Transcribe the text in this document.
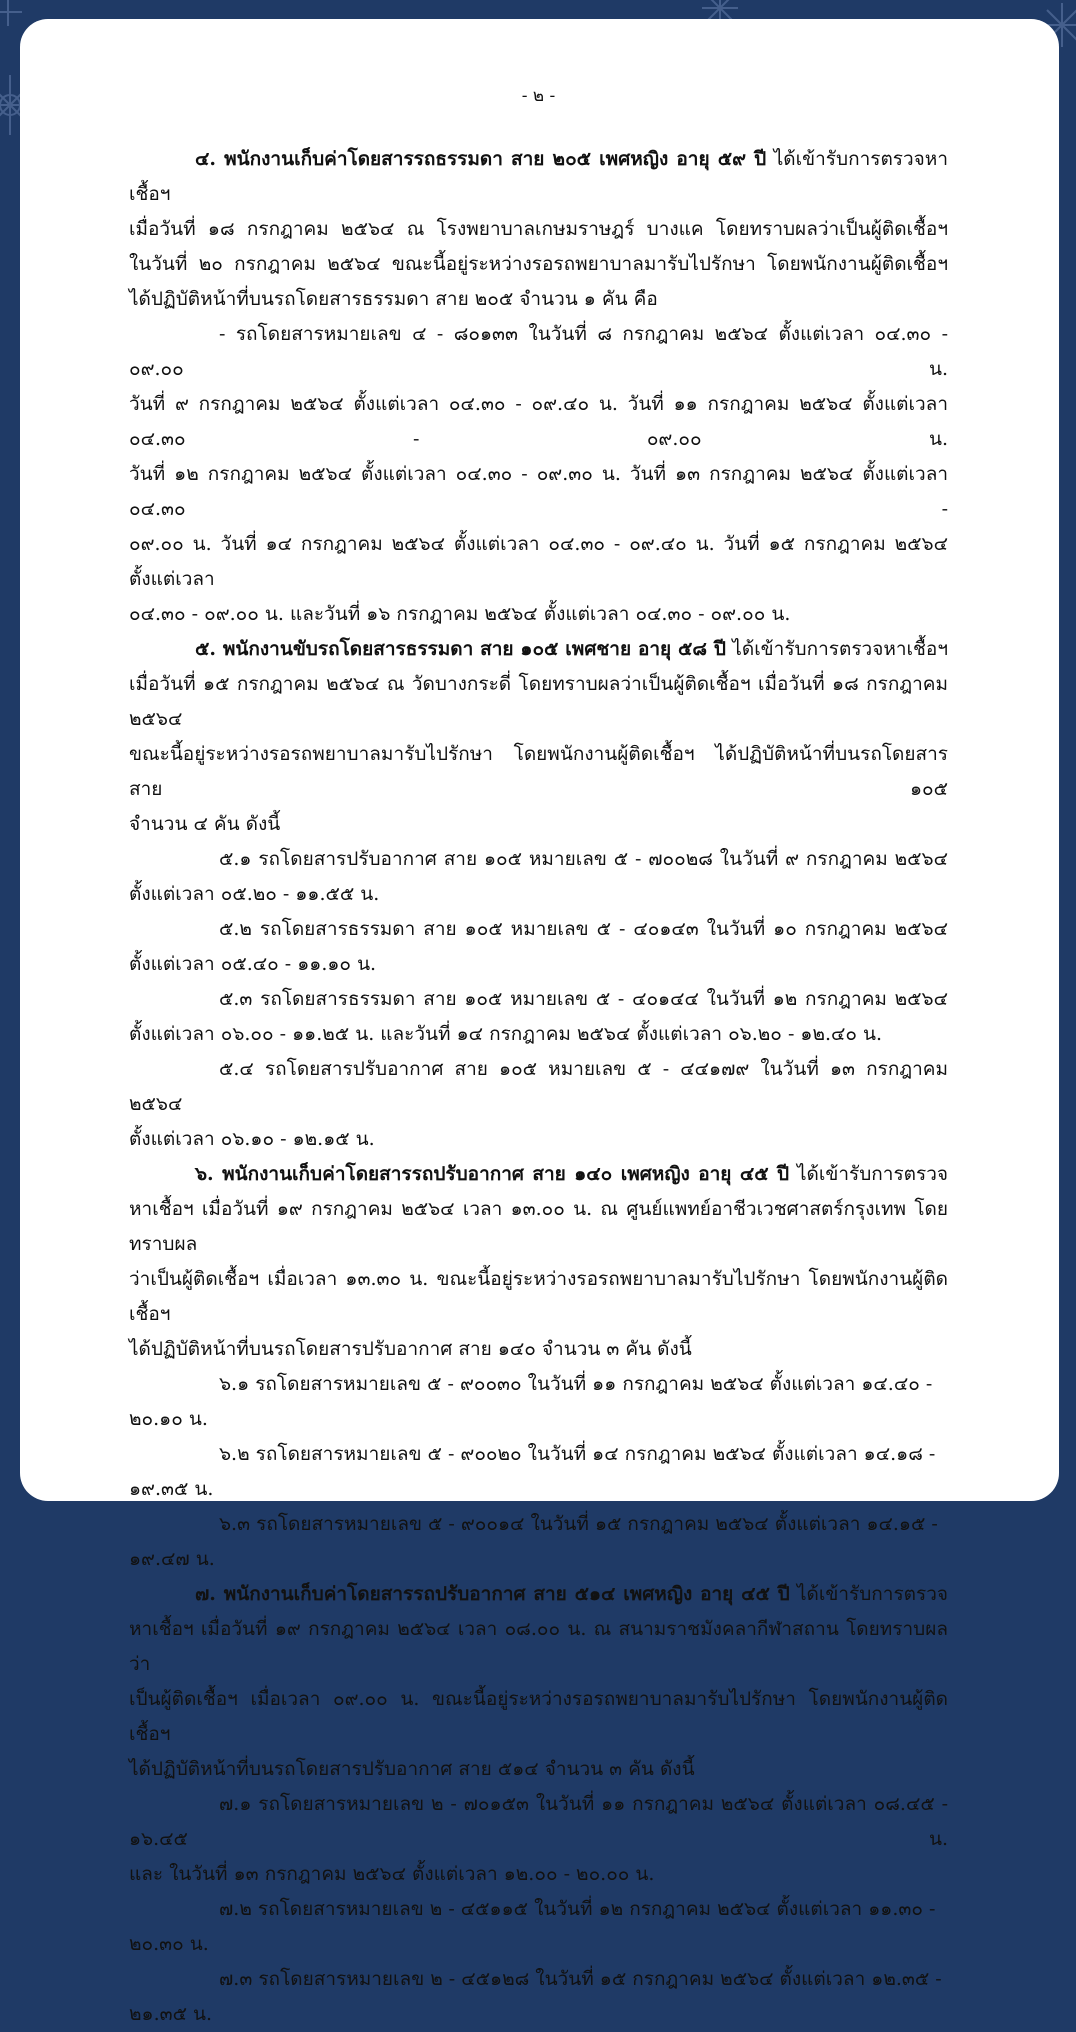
- ๒ -

๔. พนักงานเก็บค่าโดยสารรถธรรมดา สาย ๒๐๕ เพศหญิง อายุ ๕๙ ปี ได้เข้ารับการตรวจหาเชื้อฯ

เมื่อวันที่ ๑๘ กรกฎาคม ๒๕๖๔ ณ โรงพยาบาลเกษมราษฎร์ บางแค โดยทราบผลว่าเป็นผู้ติดเชื้อฯ

ในวันที่ ๒๐ กรกฎาคม ๒๕๖๔ ขณะนี้อยู่ระหว่างรอรถพยาบาลมารับไปรักษา โดยพนักงานผู้ติดเชื้อฯ

ได้ปฏิบัติหน้าที่บนรถโดยสารธรรมดา สาย ๒๐๕ จำนวน ๑ คัน คือ

- รถโดยสารหมายเลข ๔ - ๘๐๑๓๓ ในวันที่ ๘ กรกฎาคม ๒๕๖๔ ตั้งแต่เวลา ๐๔.๓๐ - ๐๙.๐๐ น.

วันที่ ๙ กรกฎาคม ๒๕๖๔ ตั้งแต่เวลา ๐๔.๓๐ - ๐๙.๔๐ น. วันที่ ๑๑ กรกฎาคม ๒๕๖๔ ตั้งแต่เวลา ๐๔.๓๐ - ๐๙.๐๐ น.

วันที่ ๑๒ กรกฎาคม ๒๕๖๔ ตั้งแต่เวลา ๐๔.๓๐ - ๐๙.๓๐ น. วันที่ ๑๓ กรกฎาคม ๒๕๖๔ ตั้งแต่เวลา ๐๔.๓๐ -

๐๙.๐๐ น. วันที่ ๑๔ กรกฎาคม ๒๕๖๔ ตั้งแต่เวลา ๐๔.๓๐ - ๐๙.๔๐ น. วันที่ ๑๕ กรกฎาคม ๒๕๖๔ ตั้งแต่เวลา

๐๔.๓๐ - ๐๙.๐๐ น. และวันที่ ๑๖ กรกฎาคม ๒๕๖๔ ตั้งแต่เวลา ๐๔.๓๐ - ๐๙.๐๐ น.

๕. พนักงานขับรถโดยสารธรรมดา สาย ๑๐๕ เพศชาย อายุ ๕๘ ปี ได้เข้ารับการตรวจหาเชื้อฯ

เมื่อวันที่ ๑๕ กรกฎาคม ๒๕๖๔ ณ วัดบางกระดี่ โดยทราบผลว่าเป็นผู้ติดเชื้อฯ เมื่อวันที่ ๑๘ กรกฎาคม ๒๕๖๔

ขณะนี้อยู่ระหว่างรอรถพยาบาลมารับไปรักษา โดยพนักงานผู้ติดเชื้อฯ ได้ปฏิบัติหน้าที่บนรถโดยสารสาย ๑๐๕

จำนวน ๔ คัน ดังนี้

๕.๑ รถโดยสารปรับอากาศ สาย ๑๐๕ หมายเลข ๕ - ๗๐๐๒๘ ในวันที่ ๙ กรกฎาคม ๒๕๖๔

ตั้งแต่เวลา ๐๕.๒๐ - ๑๑.๕๕ น.

๕.๒ รถโดยสารธรรมดา สาย ๑๐๕ หมายเลข ๕ - ๔๐๑๔๓ ในวันที่ ๑๐ กรกฎาคม ๒๕๖๔

ตั้งแต่เวลา ๐๕.๔๐ - ๑๑.๑๐ น.

๕.๓ รถโดยสารธรรมดา สาย ๑๐๕ หมายเลข ๕ - ๔๐๑๔๔ ในวันที่ ๑๒ กรกฎาคม ๒๕๖๔

ตั้งแต่เวลา ๐๖.๐๐ - ๑๑.๒๕ น. และวันที่ ๑๔ กรกฎาคม ๒๕๖๔ ตั้งแต่เวลา ๐๖.๒๐ - ๑๒.๔๐ น.

๕.๔ รถโดยสารปรับอากาศ สาย ๑๐๕ หมายเลข ๕ - ๔๔๑๗๙ ในวันที่ ๑๓ กรกฎาคม ๒๕๖๔

ตั้งแต่เวลา ๐๖.๑๐ - ๑๒.๑๕ น.

๖. พนักงานเก็บค่าโดยสารรถปรับอากาศ สาย ๑๔๐ เพศหญิง อายุ ๔๕ ปี ได้เข้ารับการตรวจ

หาเชื้อฯ เมื่อวันที่ ๑๙ กรกฎาคม ๒๕๖๔ เวลา ๑๓.๐๐ น. ณ ศูนย์แพทย์อาชีวเวชศาสตร์กรุงเทพ โดยทราบผล

ว่าเป็นผู้ติดเชื้อฯ เมื่อเวลา ๑๓.๓๐ น. ขณะนี้อยู่ระหว่างรอรถพยาบาลมารับไปรักษา โดยพนักงานผู้ติดเชื้อฯ

ได้ปฏิบัติหน้าที่บนรถโดยสารปรับอากาศ สาย ๑๔๐ จำนวน ๓ คัน ดังนี้

๖.๑ รถโดยสารหมายเลข ๕ - ๙๐๐๓๐ ในวันที่ ๑๑ กรกฎาคม ๒๕๖๔ ตั้งแต่เวลา ๑๔.๔๐ - ๒๐.๑๐ น.

๖.๒ รถโดยสารหมายเลข ๕ - ๙๐๐๒๐ ในวันที่ ๑๔ กรกฎาคม ๒๕๖๔ ตั้งแต่เวลา ๑๔.๑๘ - ๑๙.๓๕ น.

๖.๓ รถโดยสารหมายเลข ๕ - ๙๐๐๑๔ ในวันที่ ๑๕ กรกฎาคม ๒๕๖๔ ตั้งแต่เวลา ๑๔.๑๕ - ๑๙.๔๗ น.

๗. พนักงานเก็บค่าโดยสารรถปรับอากาศ สาย ๕๑๔ เพศหญิง อายุ ๔๕ ปี ได้เข้ารับการตรวจ

หาเชื้อฯ เมื่อวันที่ ๑๙ กรกฎาคม ๒๕๖๔ เวลา ๐๘.๐๐ น. ณ สนามราชมังคลากีฬาสถาน โดยทราบผลว่า

เป็นผู้ติดเชื้อฯ เมื่อเวลา ๐๙.๐๐ น. ขณะนี้อยู่ระหว่างรอรถพยาบาลมารับไปรักษา โดยพนักงานผู้ติดเชื้อฯ

ได้ปฏิบัติหน้าที่บนรถโดยสารปรับอากาศ สาย ๕๑๔ จำนวน ๓ คัน ดังนี้

๗.๑ รถโดยสารหมายเลข ๒ - ๗๐๑๕๓ ในวันที่ ๑๑ กรกฎาคม ๒๕๖๔ ตั้งแต่เวลา ๐๘.๔๕ - ๑๖.๔๕ น.

และ ในวันที่ ๑๓ กรกฎาคม ๒๕๖๔ ตั้งแต่เวลา ๑๒.๐๐ - ๒๐.๐๐ น.

๗.๒ รถโดยสารหมายเลข ๒ - ๔๕๑๑๕ ในวันที่ ๑๒ กรกฎาคม ๒๕๖๔ ตั้งแต่เวลา ๑๑.๓๐ - ๒๐.๓๐ น.

๗.๓ รถโดยสารหมายเลข ๒ - ๔๕๑๒๘ ในวันที่ ๑๕ กรกฎาคม ๒๕๖๔ ตั้งแต่เวลา ๑๒.๓๕ - ๒๑.๓๕ น.
